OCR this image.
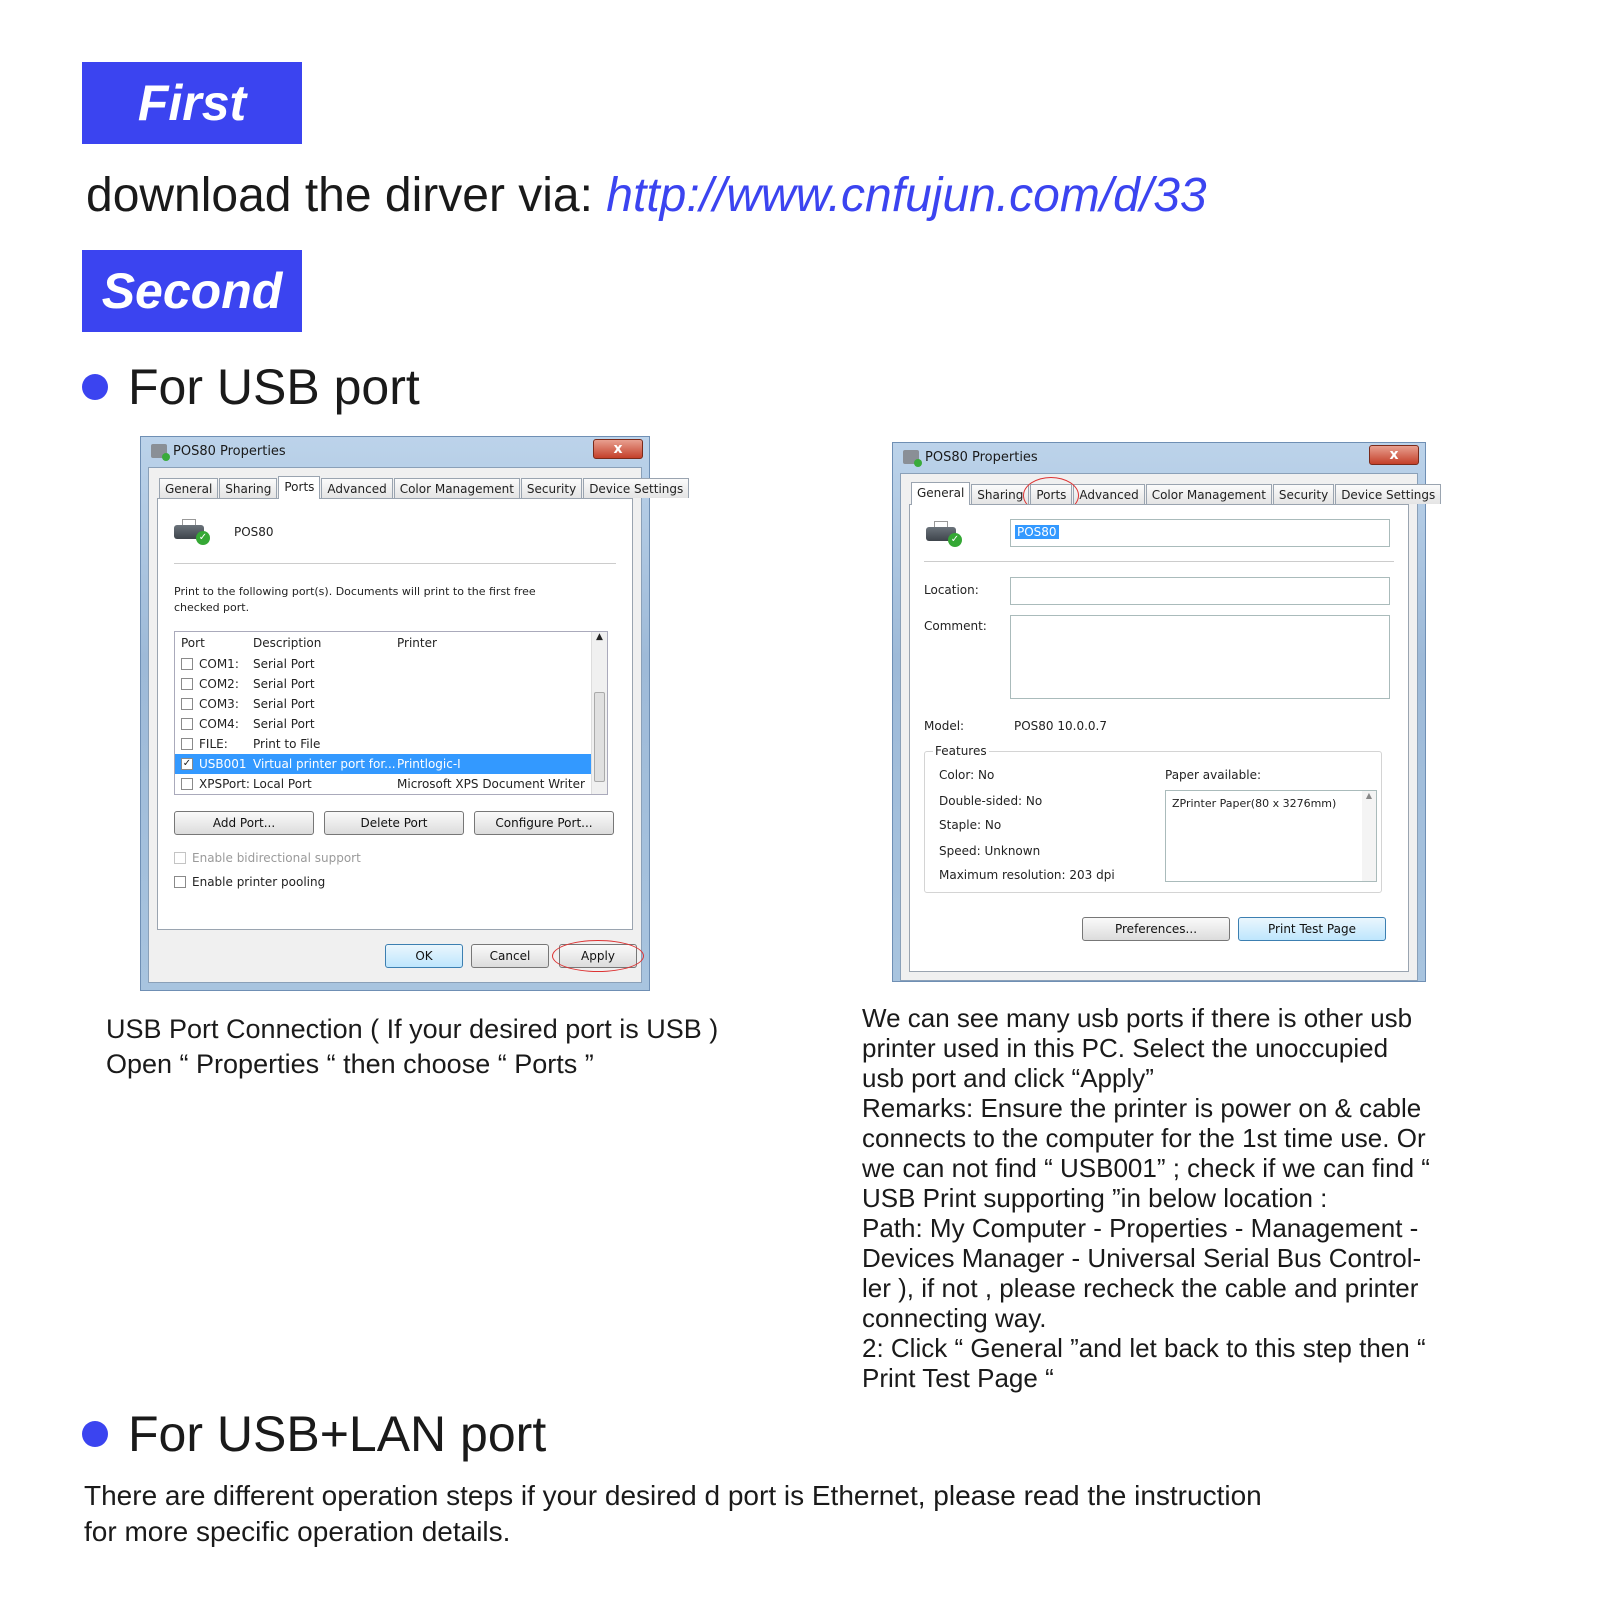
First
download the dirver via: http://www.cnfujun.com/d/33
Second
For USB port
POS80 Properties	x
General	Sharing	Ports	Advanced	Color Management	Security	Device Settings
✓ POS80
Print to the following port(s). Documents will print to the first free
checked port.
Port	Description	Printer
COM1: Serial Port
COM2: Serial Port
COM3: Serial Port
COM4: Serial Port
FILE: Print to File
✓ USB001 Virtual printer port for... Printlogic-I
XPSPort: Local Port	Microsoft XPS Document Writer
▲
Add Port...	Delete Port	Configure Port...
Enable bidirectional support
Enable printer pooling
OK	Cancel	Apply
POS80 Properties	x
General	Sharing	Ports	Advanced	Color Management	Security	Device Settings
✓
POS80
Location:
Comment:
Model:	POS80 10.0.0.7
Features
Color: No
Double-sided: No
Staple: No
Speed: Unknown
Maximum resolution: 203 dpi
Paper available:
ZPrinter Paper(80 x 3276mm)
▲
Preferences...	Print Test Page
USB Port Connection ( If your desired port is USB )
Open “ Properties “ then choose “ Ports ”
We can see many usb ports if there is other usb
printer used in this PC. Select the unoccupied
usb port and click “Apply”
Remarks: Ensure the printer is power on & cable
connects to the computer for the 1st time use. Or
we can not find “ USB001” ; check if we can find “
USB Print supporting ”in below location :
Path: My Computer - Properties - Management -
Devices Manager - Universal Serial Bus Control-
ler ), if not , please recheck the cable and printer
connecting way.
2: Click “ General ”and let back to this step then “
Print Test Page “
For USB+LAN port
There are different operation steps if your desired d port is Ethernet, please read the instruction
for more specific operation details.
